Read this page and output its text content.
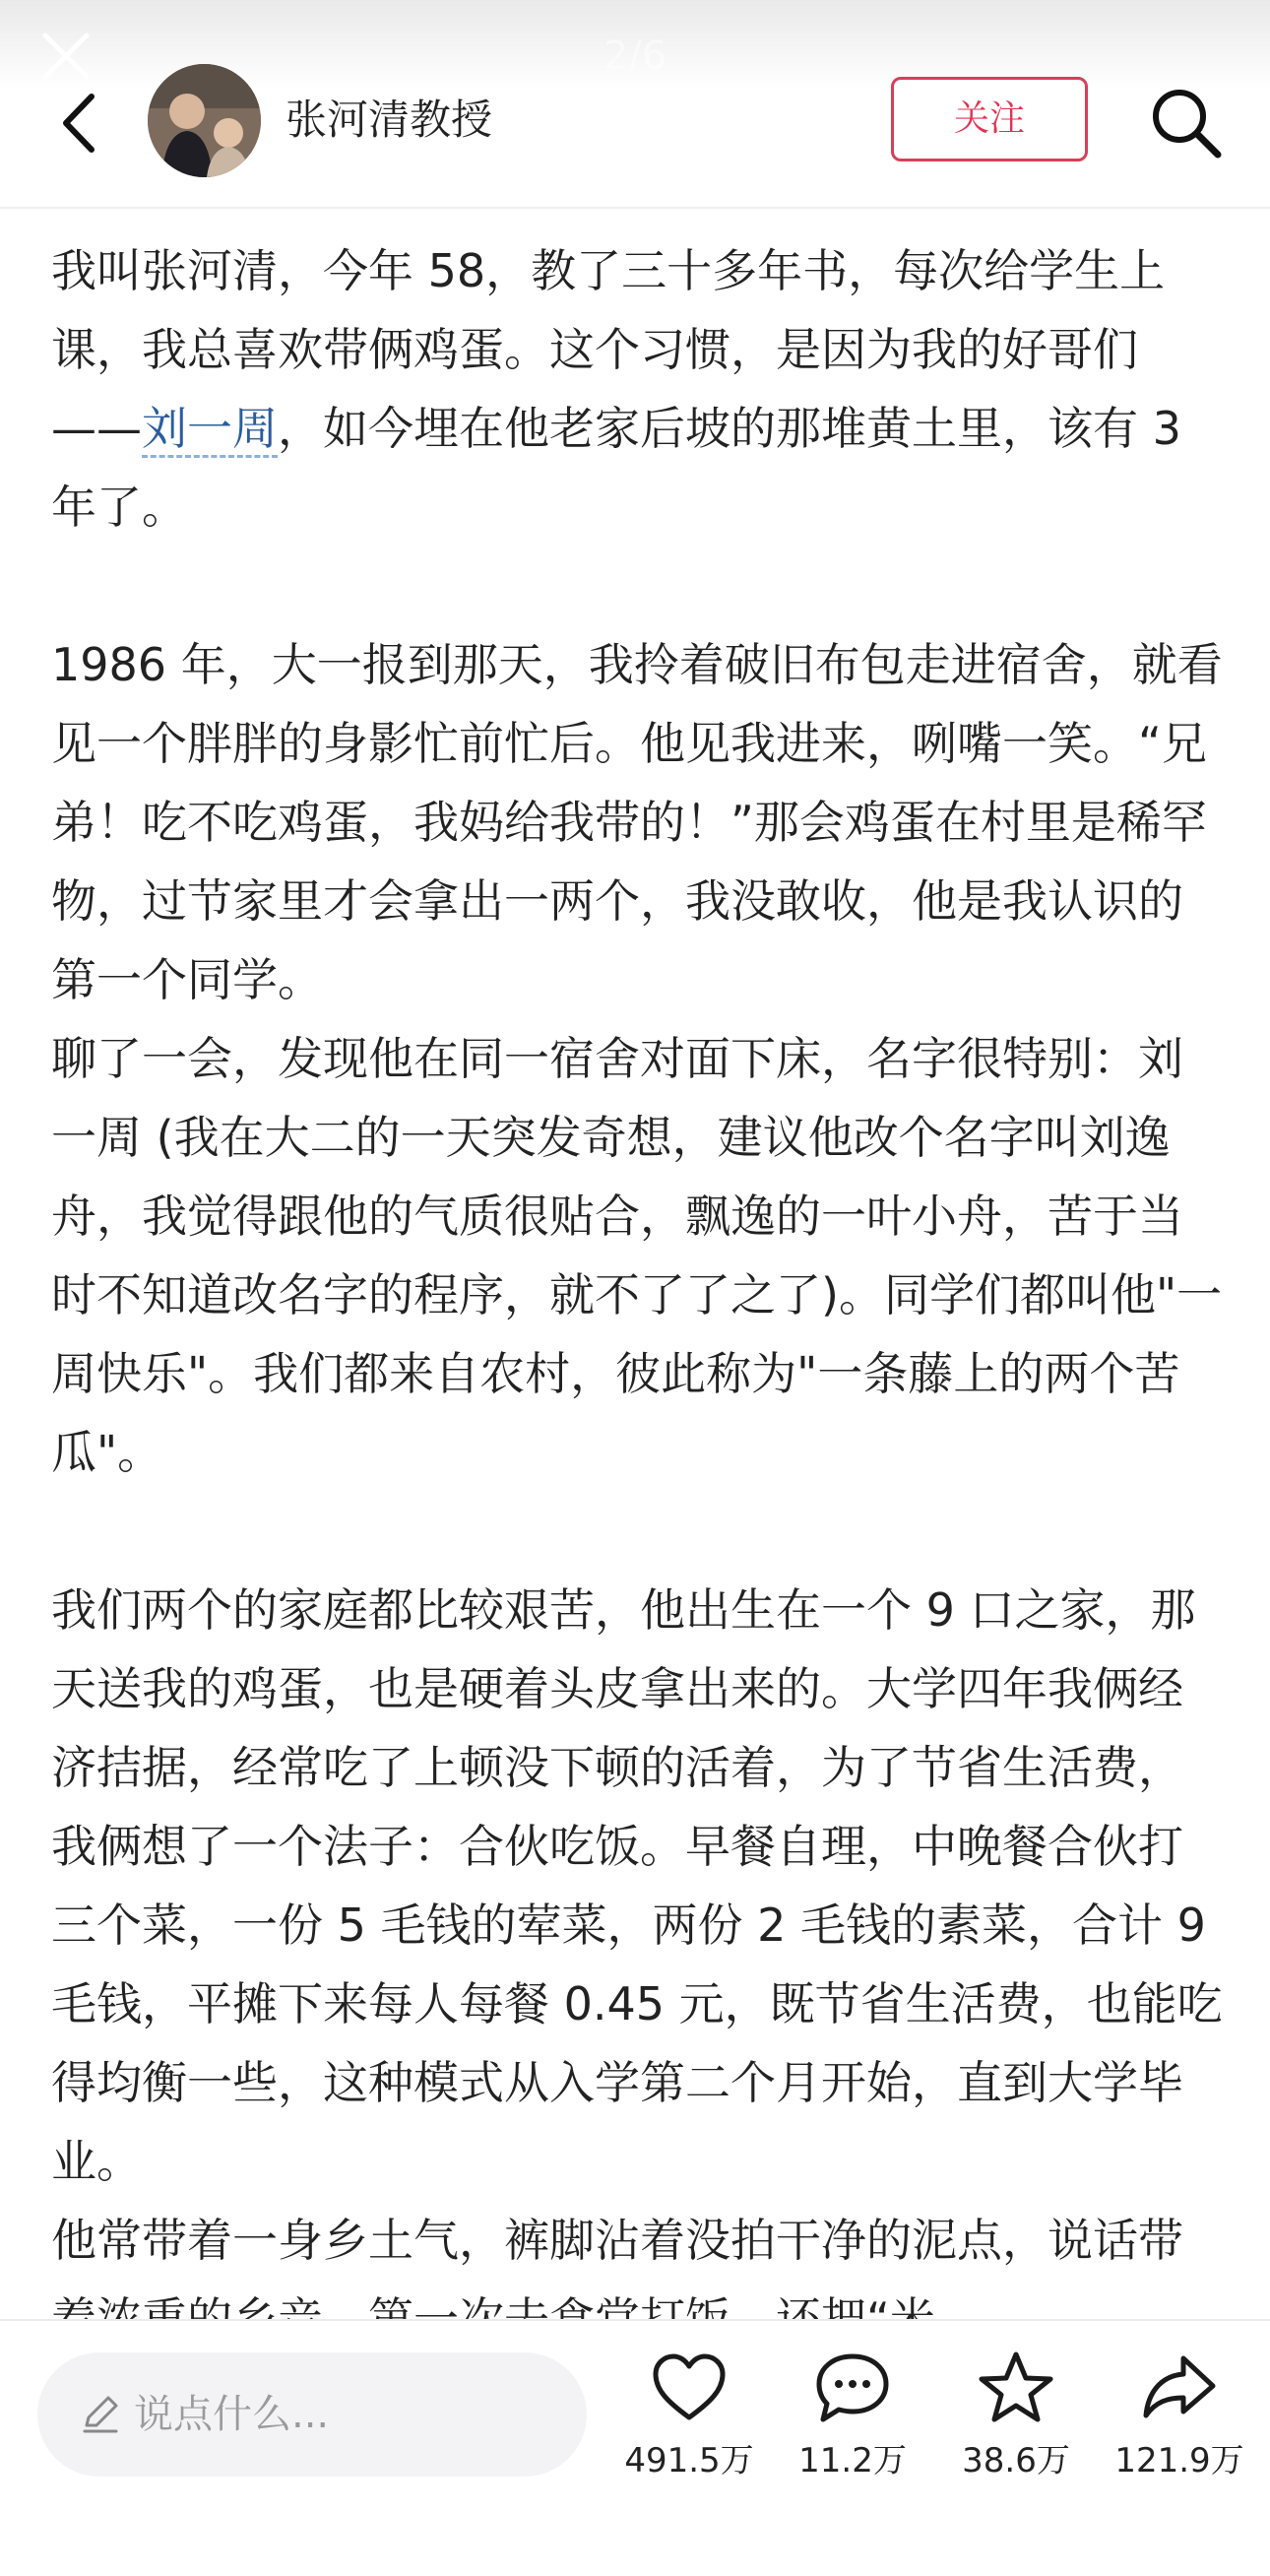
2/6
张河清教授	关注

我叫张河清，今年 58，教了三十多年书，每次给学生上课，我总喜欢带俩鸡蛋。这个习惯，是因为我的好哥们——刘一周，如今埋在他老家后坡的那堆黄土里，该有 3 年了。

1986 年，大一报到那天，我拎着破旧布包走进宿舍，就看见一个胖胖的身影忙前忙后。他见我进来，咧嘴一笑。“兄弟！吃不吃鸡蛋，我妈给我带的！”那会鸡蛋在村里是稀罕物，过节家里才会拿出一两个，我没敢收，他是我认识的第一个同学。

聊了一会，发现他在同一宿舍对面下床，名字很特别：刘一周 (我在大二的一天突发奇想，建议他改个名字叫刘逸舟，我觉得跟他的气质很贴合，飘逸的一叶小舟，苦于当时不知道改名字的程序，就不了了之了)。同学们都叫他"一周快乐"。我们都来自农村，彼此称为"一条藤上的两个苦瓜"。

我们两个的家庭都比较艰苦，他出生在一个 9 口之家，那天送我的鸡蛋，也是硬着头皮拿出来的。大学四年我俩经济拮据，经常吃了上顿没下顿的活着，为了节省生活费，我俩想了一个法子：合伙吃饭。早餐自理，中晚餐合伙打三个菜，一份 5 毛钱的荤菜，两份 2 毛钱的素菜，合计 9 毛钱，平摊下来每人每餐 0.45 元，既节省生活费，也能吃得均衡一些，这种模式从入学第二个月开始，直到大学毕业。

他常带着一身乡土气，裤脚沾着没拍干净的泥点，说话带

说点什么...
491.5万	11.2万	38.6万	121.9万
